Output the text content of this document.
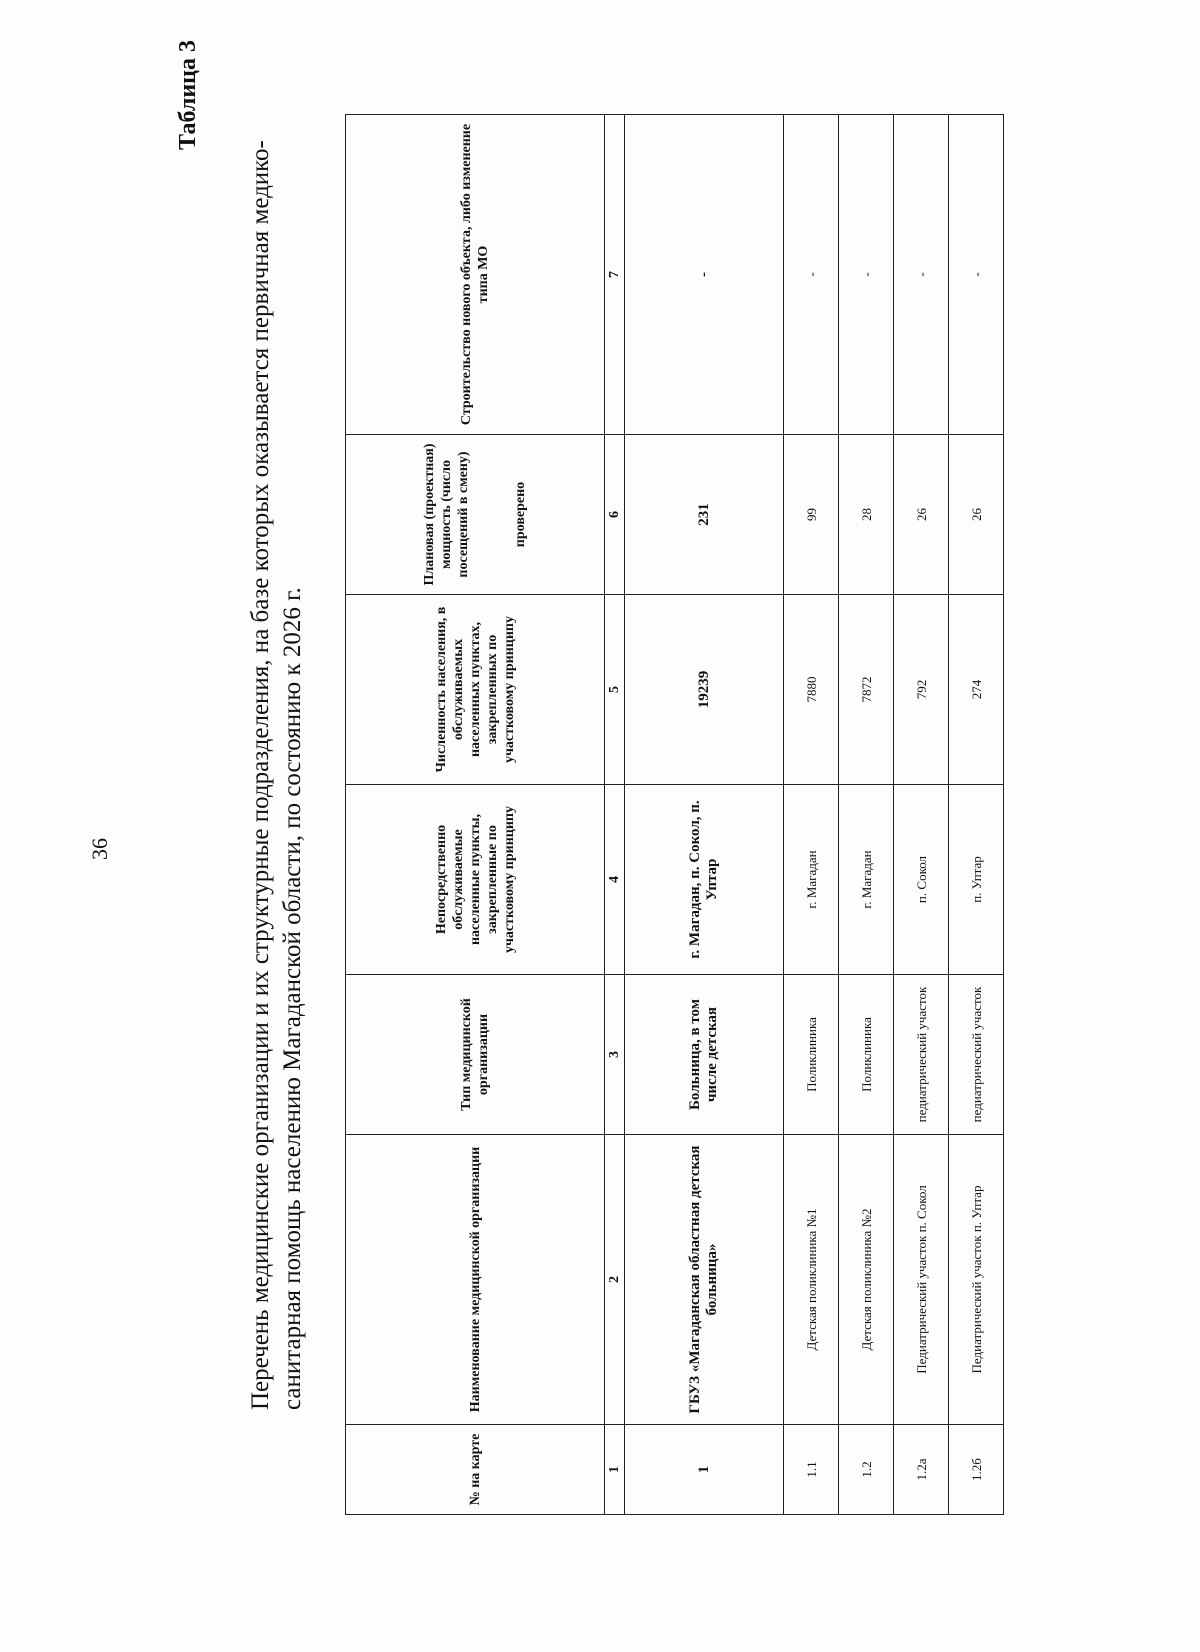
36
Таблица 3
Перечень медицинские организации и их структурные подразделения, на базе которых оказывается первичная медико-санитарная помощь населению Магаданской области, по состоянию к 2026 г.
№ на карте	Наименование медицинской организации	Тип медицинской организации	Непосредственно обслуживаемые населенные пункты, закрепленные по участковому принципу	Численность населения, в обслуживаемых населенных пунктах, закрепленных по участковому принципу	Плановая (проектная) мощность (число посещений в смену) проверено	Строительство нового объекта, либо изменение типа МО
1	2	3	4	5	6	7
1	ГБУЗ «Магаданская областная детская больница»	Больница, в том числе детская	г. Магадан, п. Сокол, п. Уптар	19239	231	-
1.1	Детская поликлиника №1	Поликлиника	г. Магадан	7880	99	-
1.2	Детская поликлиника №2	Поликлиника	г. Магадан	7872	28	-
1.2а	Педиатрический участок п. Сокол	педиатрический участок	п. Сокол	792	26	-
1.2б	Педиатрический участок п. Уптар	педиатрический участок	п. Уптар	274	26	-
